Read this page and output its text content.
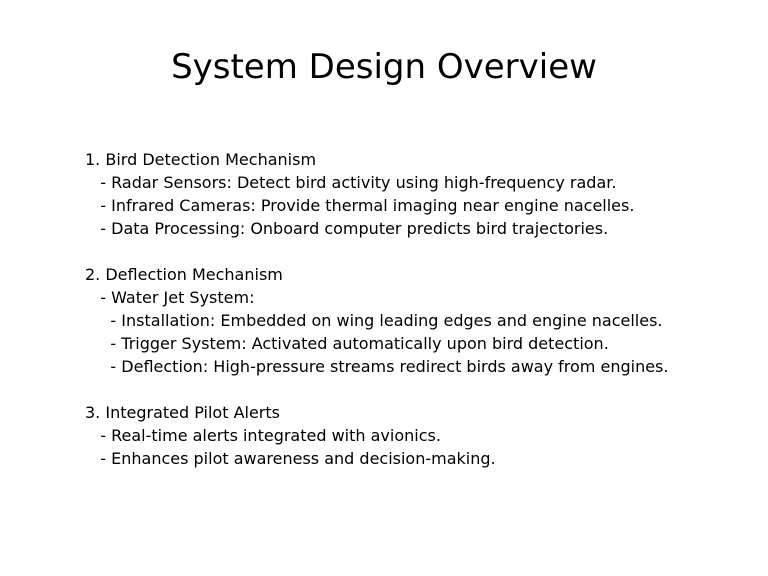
System Design Overview
1. Bird Detection Mechanism
- Radar Sensors: Detect bird activity using high-frequency radar.
- Infrared Cameras: Provide thermal imaging near engine nacelles.
- Data Processing: Onboard computer predicts bird trajectories.
2. Deflection Mechanism
- Water Jet System:
- Installation: Embedded on wing leading edges and engine nacelles.
- Trigger System: Activated automatically upon bird detection.
- Deflection: High-pressure streams redirect birds away from engines.
3. Integrated Pilot Alerts
- Real-time alerts integrated with avionics.
- Enhances pilot awareness and decision-making.
